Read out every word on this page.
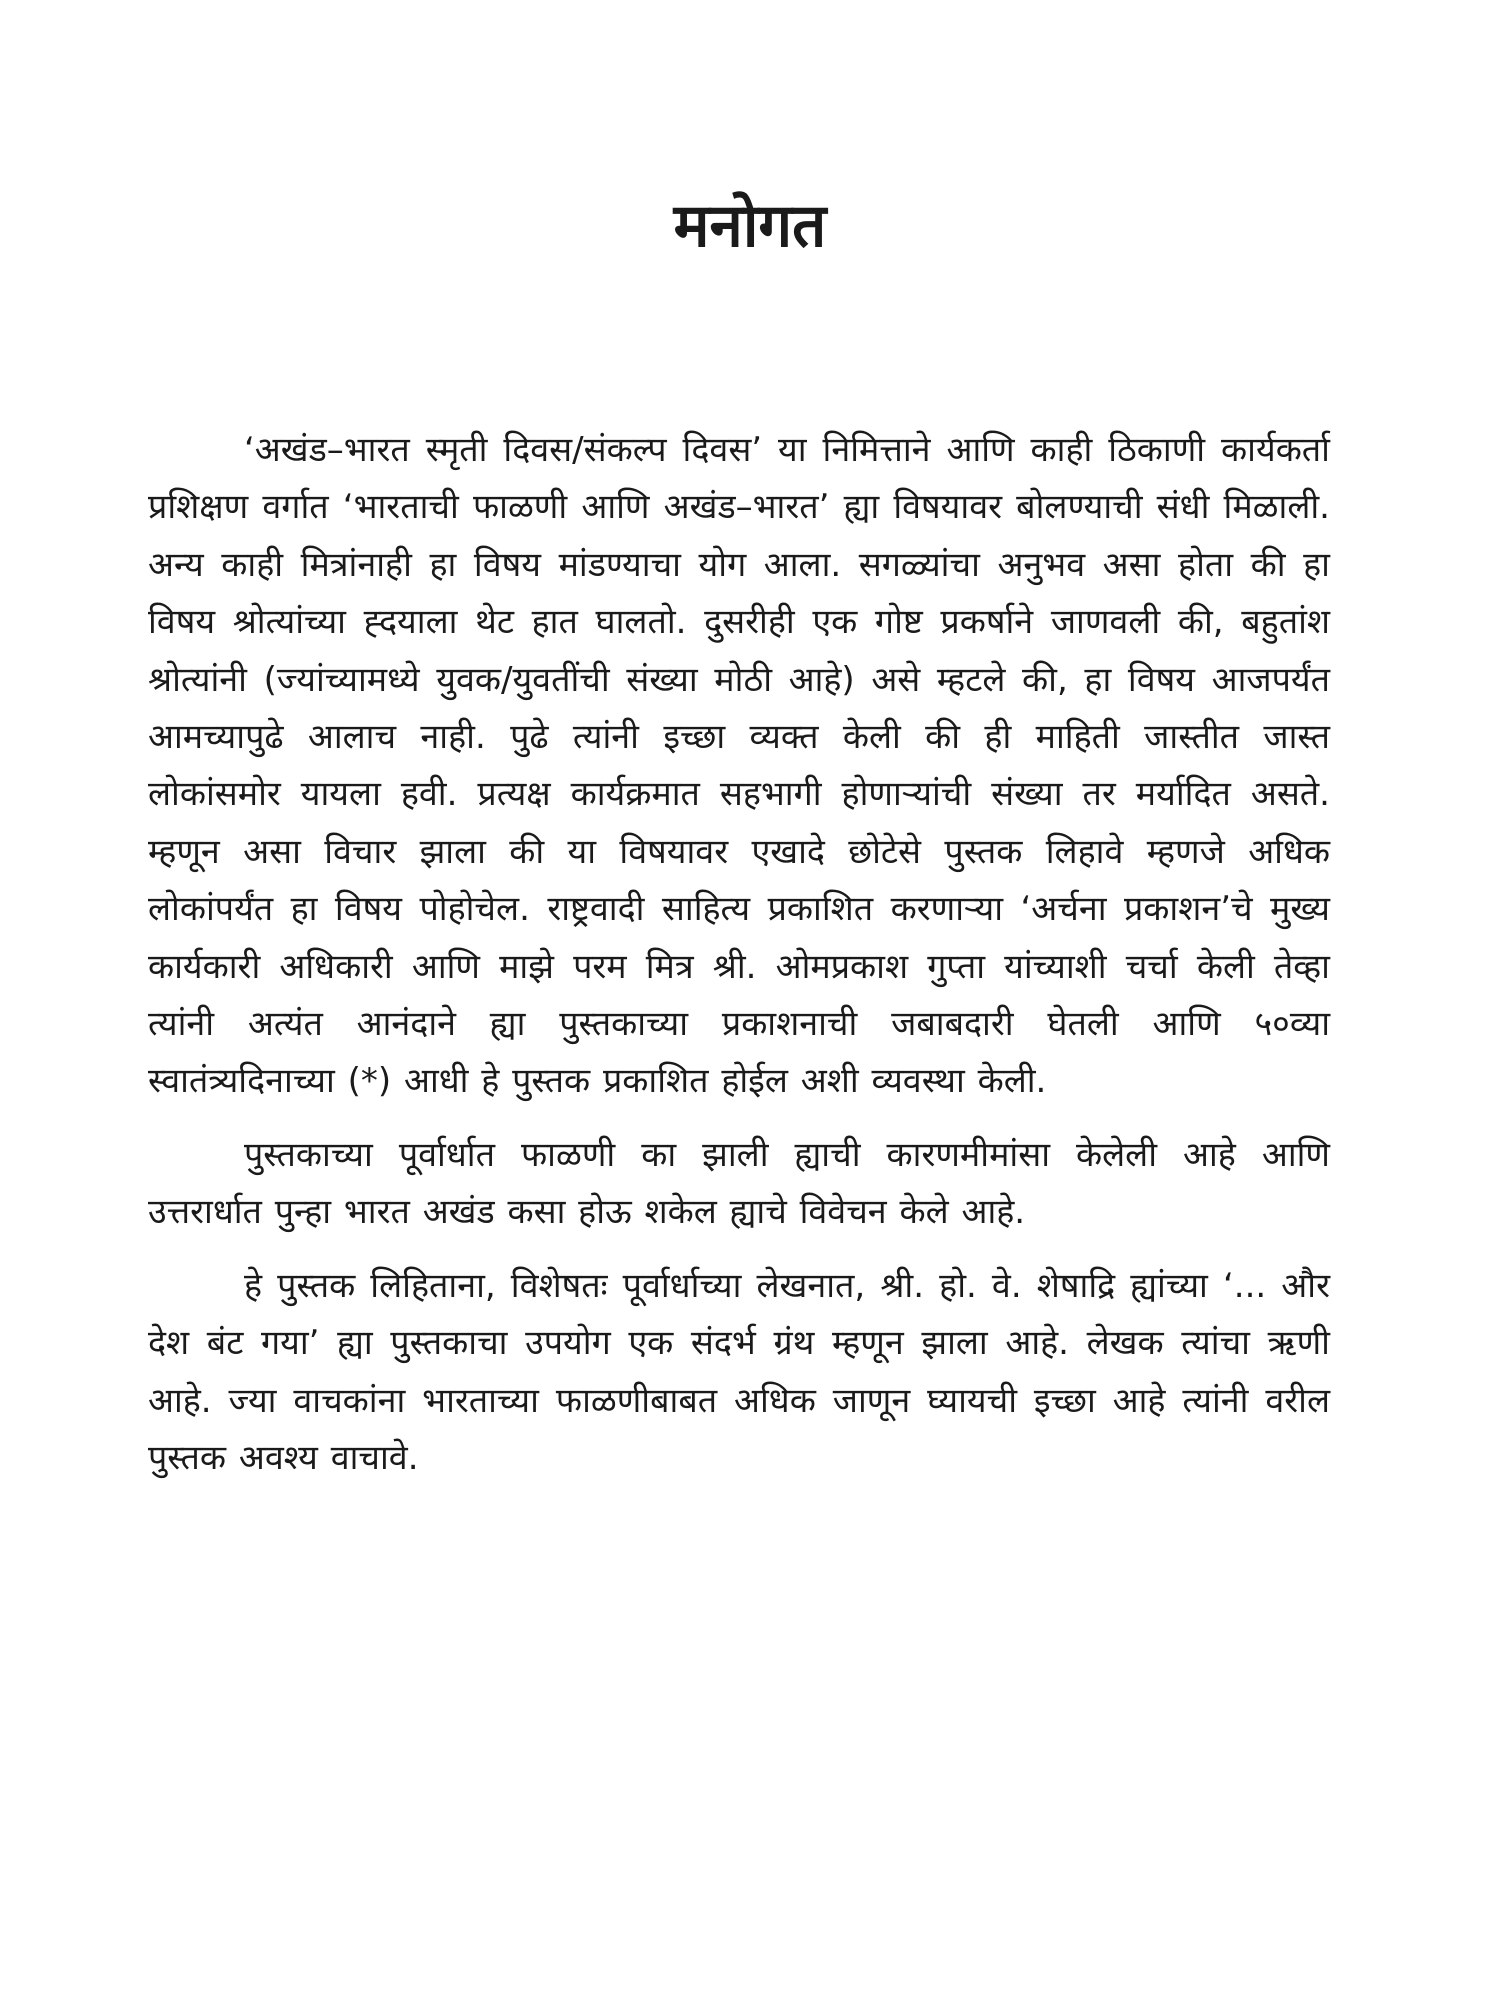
मनोगत

‘अखंड–भारत स्मृती दिवस/संकल्प दिवस’ या निमित्ताने आणि काही ठिकाणी कार्यकर्ता प्रशिक्षण वर्गात ‘भारताची फाळणी आणि अखंड–भारत’ ह्या विषयावर बोलण्याची संधी मिळाली. अन्य काही मित्रांनाही हा विषय मांडण्याचा योग आला. सगळ्यांचा अनुभव असा होता की हा विषय श्रोत्यांच्या ह्दयाला थेट हात घालतो. दुसरीही एक गोष्ट प्रकर्षाने जाणवली की, बहुतांश श्रोत्यांनी (ज्यांच्यामध्ये युवक/युवतींची संख्या मोठी आहे) असे म्हटले की, हा विषय आजपर्यंत आमच्यापुढे आलाच नाही. पुढे त्यांनी इच्छा व्यक्त केली की ही माहिती जास्तीत जास्त लोकांसमोर यायला हवी. प्रत्यक्ष कार्यक्रमात सहभागी होणाऱ्यांची संख्या तर मर्यादित असते. म्हणून असा विचार झाला की या विषयावर एखादे छोटेसे पुस्तक लिहावे म्हणजे अधिक लोकांपर्यंत हा विषय पोहोचेल. राष्ट्रवादी साहित्य प्रकाशित करणाऱ्या ‘अर्चना प्रकाशन’चे मुख्य कार्यकारी अधिकारी आणि माझे परम मित्र श्री. ओमप्रकाश गुप्ता यांच्याशी चर्चा केली तेव्हा त्यांनी अत्यंत आनंदाने ह्या पुस्तकाच्या प्रकाशनाची जबाबदारी घेतली आणि ५०व्या स्वातंत्र्यदिनाच्या (*) आधी हे पुस्तक प्रकाशित होईल अशी व्यवस्था केली.

पुस्तकाच्या पूर्वार्धात फाळणी का झाली ह्याची कारणमीमांसा केलेली आहे आणि उत्तरार्धात पुन्हा भारत अखंड कसा होऊ शकेल ह्याचे विवेचन केले आहे.

हे पुस्तक लिहिताना, विशेषतः पूर्वार्धाच्या लेखनात, श्री. हो. वे. शेषाद्रि ह्यांच्या ‘... और देश बंट गया’ ह्या पुस्तकाचा उपयोग एक संदर्भ ग्रंथ म्हणून झाला आहे. लेखक त्यांचा ऋणी आहे. ज्या वाचकांना भारताच्या फाळणीबाबत अधिक जाणून घ्यायची इच्छा आहे त्यांनी वरील पुस्तक अवश्य वाचावे.
